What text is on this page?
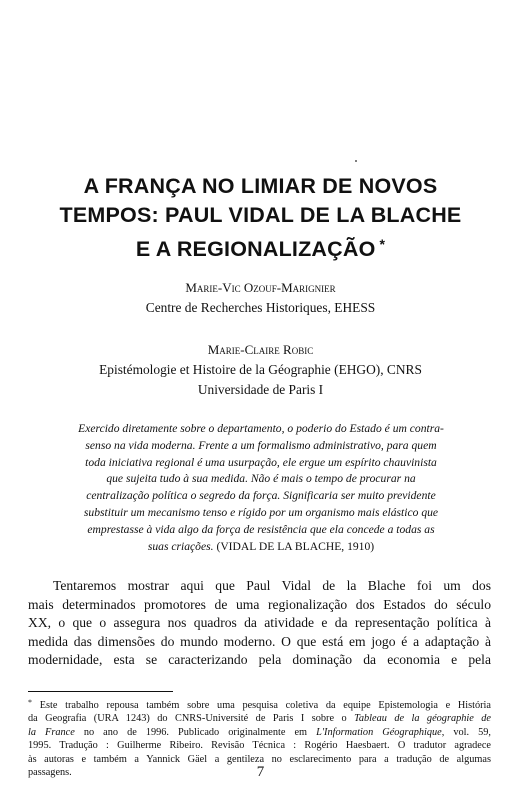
A FRANÇA NO LIMIAR DE NOVOS
TEMPOS: PAUL VIDAL DE LA BLACHE
E A REGIONALIZAÇÃO *
Marie-Vic Ozouf-Marignier
Centre de Recherches Historiques, EHESS
Marie-Claire Robic
Epistémologie et Histoire de la Géographie (EHGO), CNRS
Universidade de Paris I
Exercido diretamente sobre o departamento, o poderio do Estado é um contra-
senso na vida moderna. Frente a um formalismo administrativo, para quem
toda iniciativa regional é uma usurpação, ele ergue um espírito chauvinista
que sujeita tudo à sua medida. Não é mais o tempo de procurar na
centralização política o segredo da força. Significaria ser muito previdente
substituir um mecanismo tenso e rígido por um organismo mais elástico que
emprestasse à vida algo da força de resistência que ela concede a todas as
suas criações. (VIDAL DE LA BLACHE, 1910)
Tentaremos mostrar aqui que Paul Vidal de la Blache foi um dos
mais determinados promotores de uma regionalização dos Estados do século
XX, o que o assegura nos quadros da atividade e da representação política à
medida das dimensões do mundo moderno. O que está em jogo é a adaptação à
modernidade, esta se caracterizando pela dominação da economia e pela
* Este trabalho repousa também sobre uma pesquisa coletiva da equipe Epistemologia e História
da Geografia (URA 1243) do CNRS-Université de Paris I sobre o Tableau de la géographie de
la France no ano de 1996. Publicado originalmente em L'Information Géographique, vol. 59,
1995. Tradução : Guilherme Ribeiro. Revisão Técnica : Rogério Haesbaert. O tradutor agradece
às autoras e também a Yannick Gäel a gentileza no esclarecimento para a tradução de algumas
passagens.	7
